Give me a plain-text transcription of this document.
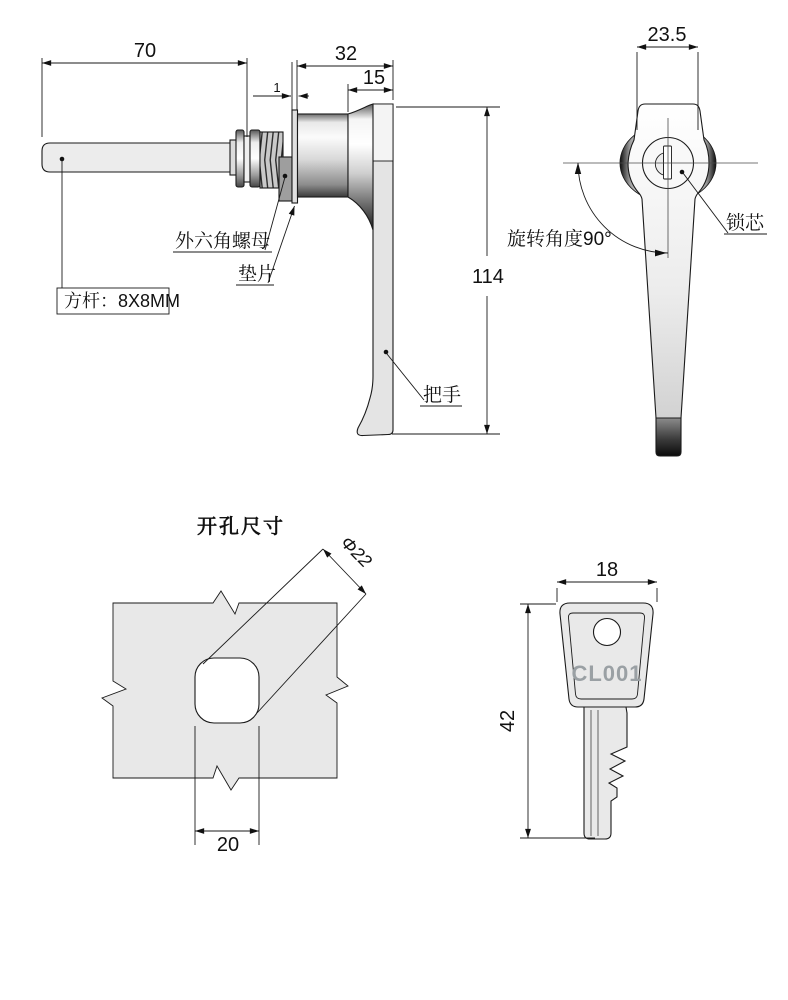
70	32
15
1
114
外六角螺母
垫片
方杆：8X8MM
把手
23.5
旋转角度90°
锁芯
开孔尺寸
Φ22
20
CL001
18
42
